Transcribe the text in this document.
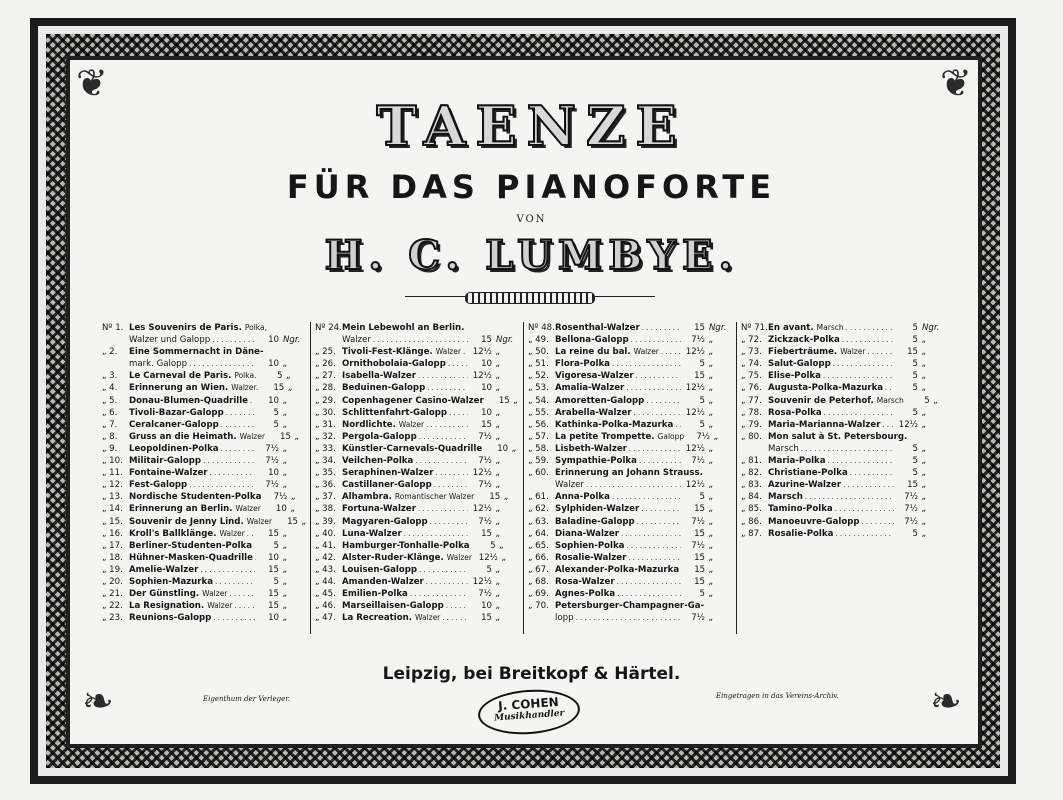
❦	❦
❧	❧
TAENZE
FÜR DAS PIANOFORTE
VON
H. C. LUMBYE.
Nº 1. Les Souvenirs de Paris. Polka,
Walzer und Galopp . . .	10 Ngr.
„ 2.	Eine Sommernacht in Däne-
mark. Galopp . . .	10 „
„ 3.	Le Carneval de Paris. Polka.	5 „
„ 4.	Erinnerung an Wien. Walzer.	15 „
„ 5.	Donau-Blumen-Quadrille . . .	10 „
„ 6.	Tivoli-Bazar-Galopp . . .	5 „
„ 7.	Ceralcaner-Galopp . . .	5 „
„ 8.	Gruss an die Heimath. Walzer	15 „
„ 9.	Leopoldinen-Polka . . .	7½ „
„ 10. Militair-Galopp . . .	7½ „
„ 11. Fontaine-Walzer . . .	10 „
„ 12. Fest-Galopp . . .	7½ „
„ 13. Nordische Studenten-Polka	7½ „
„ 14. Erinnerung an Berlin. Walzer	10 „
„ 15. Souvenir de Jenny Lind. Walzer	15 „
„ 16. Kroll's Ballklänge. Walzer . . .	15 „
„ 17. Berliner-Studenten-Polka . . .	5 „
„ 18. Hühner-Masken-Quadrille . . .	10 „
„ 19. Amelie-Walzer . . .	15 „
„ 20. Sophien-Mazurka . . .	5 „
„ 21. Der Günstling. Walzer . . .	15 „
„ 22. La Resignation. Walzer . . .	15 „
„ 23. Reunions-Galopp . . .	10 „
Nº 24. Mein Lebewohl an Berlin.
Walzer . . .	15 Ngr.
„ 25. Tivoli-Fest-Klänge. Walzer . . .	12½ „
„ 26. Ornithobolaia-Galopp . . .	10 „
„ 27. Isabella-Walzer . . .	12½ „
„ 28. Beduinen-Galopp . . .	10 „
„ 29. Copenhagener Casino-Walzer	15 „
„ 30. Schlittenfahrt-Galopp . . .	10 „
„ 31. Nordlichte. Walzer . . .	15 „
„ 32. Pergola-Galopp . . .	7½ „
„ 33. Künstler-Carnevals-Quadrille	10 „
„ 34. Veilchen-Polka . . .	7½ „
„ 35. Seraphinen-Walzer . . .	12½ „
„ 36. Castillaner-Galopp . . .	7½ „
„ 37. Alhambra. Romantischer Walzer	15 „
„ 38. Fortuna-Walzer . . .	12½ „
„ 39. Magyaren-Galopp . . .	7½ „
„ 40. Luna-Walzer . . .	15 „
„ 41. Hamburger-Tonhalle-Polka	5 „
„ 42. Alster-Ruder-Klänge. Walzer 12½ „
„ 43. Louisen-Galopp . . .	5 „
„ 44. Amanden-Walzer . . .	12½ „
„ 45. Emilien-Polka . . .	7½ „
„ 46. Marseillaisen-Galopp . . .	10 „
„ 47. La Recreation. Walzer . . .	15 „
Nº 48. Rosenthal-Walzer . . .	15 Ngr.
„ 49. Bellona-Galopp . . .	7½ „
„ 50. La reine du bal. Walzer . . .	12½ „
„ 51. Flora-Polka . . .	5 „
„ 52. Vigoresa-Walzer . . .	15 „
„ 53. Amalia-Walzer . . .	12½ „
„ 54. Amoretten-Galopp . . .	5 „
„ 55. Arabella-Walzer . . .	12½ „
„ 56. Kathinka-Polka-Mazurka . . .	5 „
„ 57. La petite Trompette. Galopp	7½ „
„ 58. Lisbeth-Walzer . . .	12½ „
„ 59. Sympathie-Polka . . .	7½ „
„ 60. Erinnerung an Johann Strauss.
Walzer . . .	12½ „
„ 61. Anna-Polka . . .	5 „
„ 62. Sylphiden-Walzer . . .	15 „
„ 63. Baladine-Galopp . . .	7½ „
„ 64. Diana-Walzer . . .	15 „
„ 65. Sophien-Polka . . .	7½ „
„ 66. Rosalie-Walzer . . .	15 „
„ 67. Alexander-Polka-Mazurka	15 „
„ 68. Rosa-Walzer . . .	15 „
„ 69. Agnes-Polka . . .	5 „
„ 70. Petersburger-Champagner-Ga-
lopp . . .	7½ „
Nº 71. En avant. Marsch . . .	5 Ngr.
„ 72. Zickzack-Polka . . .	5 „
„ 73. Fieberträume. Walzer . . .	15 „
„ 74. Salut-Galopp . . .	5 „
„ 75. Elise-Polka . . .	5 „
„ 76. Augusta-Polka-Mazurka . . .	5 „
„ 77. Souvenir de Peterhof. Marsch	5 „
„ 78. Rosa-Polka . . .	5 „
„ 79. Maria-Marianna-Walzer . . .	12½ „
„ 80. Mon salut à St. Petersbourg.
Marsch . . .	5 „
„ 81. Maria-Polka . . .	5 „
„ 82. Christiane-Polka . . .	5 „
„ 83. Azurine-Walzer . . .	15 „
„ 84. Marsch . . .	7½ „
„ 85. Tamino-Polka . . .	7½ „
„ 86. Manoeuvre-Galopp . . .	7½ „
„ 87. Rosalie-Polka . . .	5 „
Leipzig, bei Breitkopf & Härtel.
Eigenthum der Verleger.	Eingetragen in das Vereins-Archiv.
J. COHEN
Musikhandler
